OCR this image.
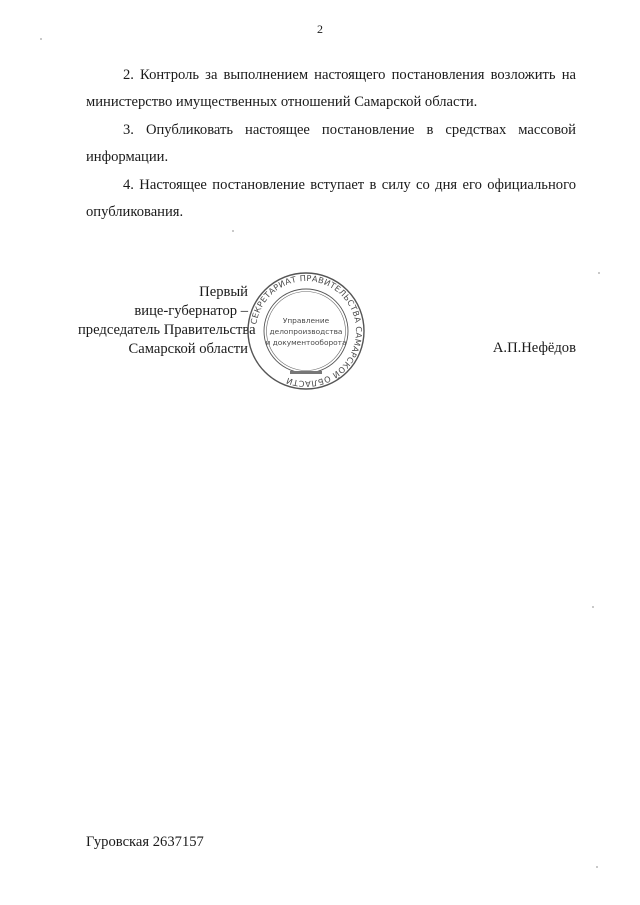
2

2. Контроль за выполнением настоящего постановления возложить на министерство имущественных отношений Самарской области.

3. Опубликовать настоящее постановление в средствах массовой информации.

4. Настоящее постановление вступает в силу со дня его официального опубликования.

Первый
вице-губернатор –
председатель Правительства
Самарской области
СЕКРЕТАРИАТ ПРАВИТЕЛЬСТВА САМАРСКОЙ ОБЛАСТИ
Управление
делопроизводства
и документооборота	А.П.Нефёдов
Гуровская 2637157
